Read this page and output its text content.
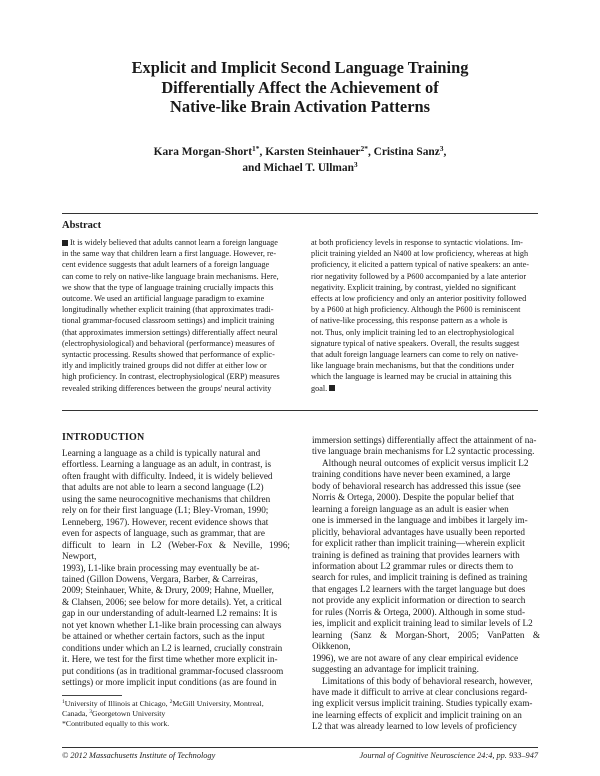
Explicit and Implicit Second Language Training
Differentially Affect the Achievement of
Native-like Brain Activation Patterns
Kara Morgan-Short$^{1*}$, Karsten Steinhauer$^{2*}$, Cristina Sanz$^3$,
and Michael T. Ullman$^3$
Abstract
It is widely believed that adults cannot learn a foreign language
in the same way that children learn a first language. However, re-
cent evidence suggests that adult learners of a foreign language
can come to rely on native-like language brain mechanisms. Here,
we show that the type of language training crucially impacts this
outcome. We used an artificial language paradigm to examine
longitudinally whether explicit training (that approximates tradi-
tional grammar-focused classroom settings) and implicit training
(that approximates immersion settings) differentially affect neural
(electrophysiological) and behavioral (performance) measures of
syntactic processing. Results showed that performance of explic-
itly and implicitly trained groups did not differ at either low or
high proficiency. In contrast, electrophysiological (ERP) measures
revealed striking differences between the groups' neural activity
at both proficiency levels in response to syntactic violations. Im-
plicit training yielded an N400 at low proficiency, whereas at high
proficiency, it elicited a pattern typical of native speakers: an ante-
rior negativity followed by a P600 accompanied by a late anterior
negativity. Explicit training, by contrast, yielded no significant
effects at low proficiency and only an anterior positivity followed
by a P600 at high proficiency. Although the P600 is reminiscent
of native-like processing, this response pattern as a whole is
not. Thus, only implicit training led to an electrophysiological
signature typical of native speakers. Overall, the results suggest
that adult foreign language learners can come to rely on native-
like language brain mechanisms, but that the conditions under
which the language is learned may be crucial in attaining this
goal.
INTRODUCTION
Learning a language as a child is typically natural and
effortless. Learning a language as an adult, in contrast, is
often fraught with difficulty. Indeed, it is widely believed
that adults are not able to learn a second language (L2)
using the same neurocognitive mechanisms that children
rely on for their first language (L1; Bley-Vroman, 1990;
Lenneberg, 1967). However, recent evidence shows that
even for aspects of language, such as grammar, that are
difficult to learn in L2 (Weber-Fox & Neville, 1996; Newport,
1993), L1-like brain processing may eventually be at-
tained (Gillon Dowens, Vergara, Barber, & Carreiras,
2009; Steinhauer, White, & Drury, 2009; Hahne, Mueller,
& Clahsen, 2006; see below for more details). Yet, a critical
gap in our understanding of adult-learned L2 remains: It is
not yet known whether L1-like brain processing can always
be attained or whether certain factors, such as the input
conditions under which an L2 is learned, crucially constrain
it. Here, we test for the first time whether more explicit in-
put conditions (as in traditional grammar-focused classroom
settings) or more implicit input conditions (as are found in
immersion settings) differentially affect the attainment of na-
tive language brain mechanisms for L2 syntactic processing.
Although neural outcomes of explicit versus implicit L2
training conditions have never been examined, a large
body of behavioral research has addressed this issue (see
Norris & Ortega, 2000). Despite the popular belief that
learning a foreign language as an adult is easier when
one is immersed in the language and imbibes it largely im-
plicitly, behavioral advantages have usually been reported
for explicit rather than implicit training—wherein explicit
training is defined as training that provides learners with
information about L2 grammar rules or directs them to
search for rules, and implicit training is defined as training
that engages L2 learners with the target language but does
not provide any explicit information or direction to search
for rules (Norris & Ortega, 2000). Although in some stud-
ies, implicit and explicit training lead to similar levels of L2
learning (Sanz & Morgan-Short, 2005; VanPatten & Oikkenon,
1996), we are not aware of any clear empirical evidence
suggesting an advantage for implicit training.
Limitations of this body of behavioral research, however,
have made it difficult to arrive at clear conclusions regard-
ing explicit versus implicit training. Studies typically exam-
ine learning effects of explicit and implicit training on an
L2 that was already learned to low levels of proficiency

$^1$University of Illinois at Chicago, $^2$McGill University, Montreal,

Canada, $^3$Georgetown University

*Contributed equally to this work.

© 2012 Massachusetts Institute of Technology	Journal of Cognitive Neuroscience 24:4, pp. 933–947
